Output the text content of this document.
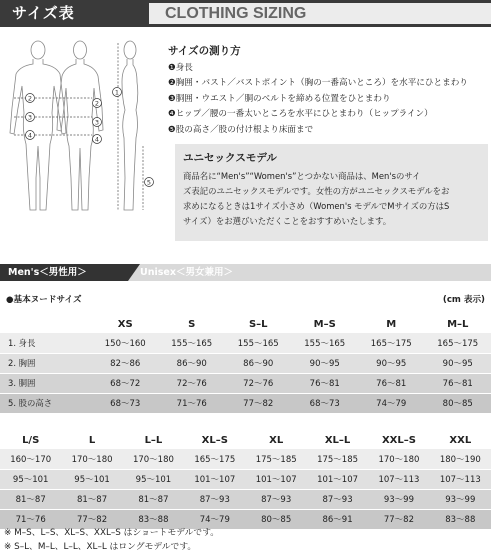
サイズ表	CLOTHING SIZING
1
2
3
4
5
2
3
4
サイズの測り方
❶身長
❷胸囲・バスト／バストポイント（胸の一番高いところ）を水平にひとまわり
❸胴囲・ウエスト／胴のベルトを締める位置をひとまわり
❹ヒップ／腰の一番太いところを水平にひとまわり（ヒップライン）
❺股の高さ／股の付け根より床面まで
ユニセックスモデル

商品名に“Men's”“Women's”とつかない商品は、Men'sのサイ
ズ表記のユニセックスモデルです。女性の方がユニセックスモデルをお
求めになるときは1サイズ小さめ（Women's モデルでMサイズの方はS
サイズ）をお選びいただくことをおすすめいたします。

Unisex＜男女兼用＞
Men's＜男性用＞
●基本ヌードサイズ	(cm 表示)
	XS	S	S–L	M–S	M	M–L
1. 身長	150〜160	155〜165	155〜165	155〜165	165〜175	165〜175
2. 胸囲	82〜86	86〜90	86〜90	90〜95	90〜95	90〜95
3. 胴囲	68〜72	72〜76	72〜76	76〜81	76〜81	76〜81
5. 股の高さ	68〜73	71〜76	77〜82	68〜73	74〜79	80〜85
L/S	L	L–L	XL–S	XL	XL–L	XXL–S	XXL
160〜170	170〜180	170〜180	165〜175	175〜185	175〜185	170〜180	180〜190
95〜101	95〜101	95〜101	101〜107	101〜107	101〜107	107〜113	107〜113
81〜87	81〜87	81〜87	87〜93	87〜93	87〜93	93〜99	93〜99
71〜76	77〜82	83〜88	74〜79	80〜85	86〜91	77〜82	83〜88
※ M–S、L–S、XL–S、XXL–S はショートモデルです。
※ S–L、M–L、L–L、XL–L はロングモデルです。
